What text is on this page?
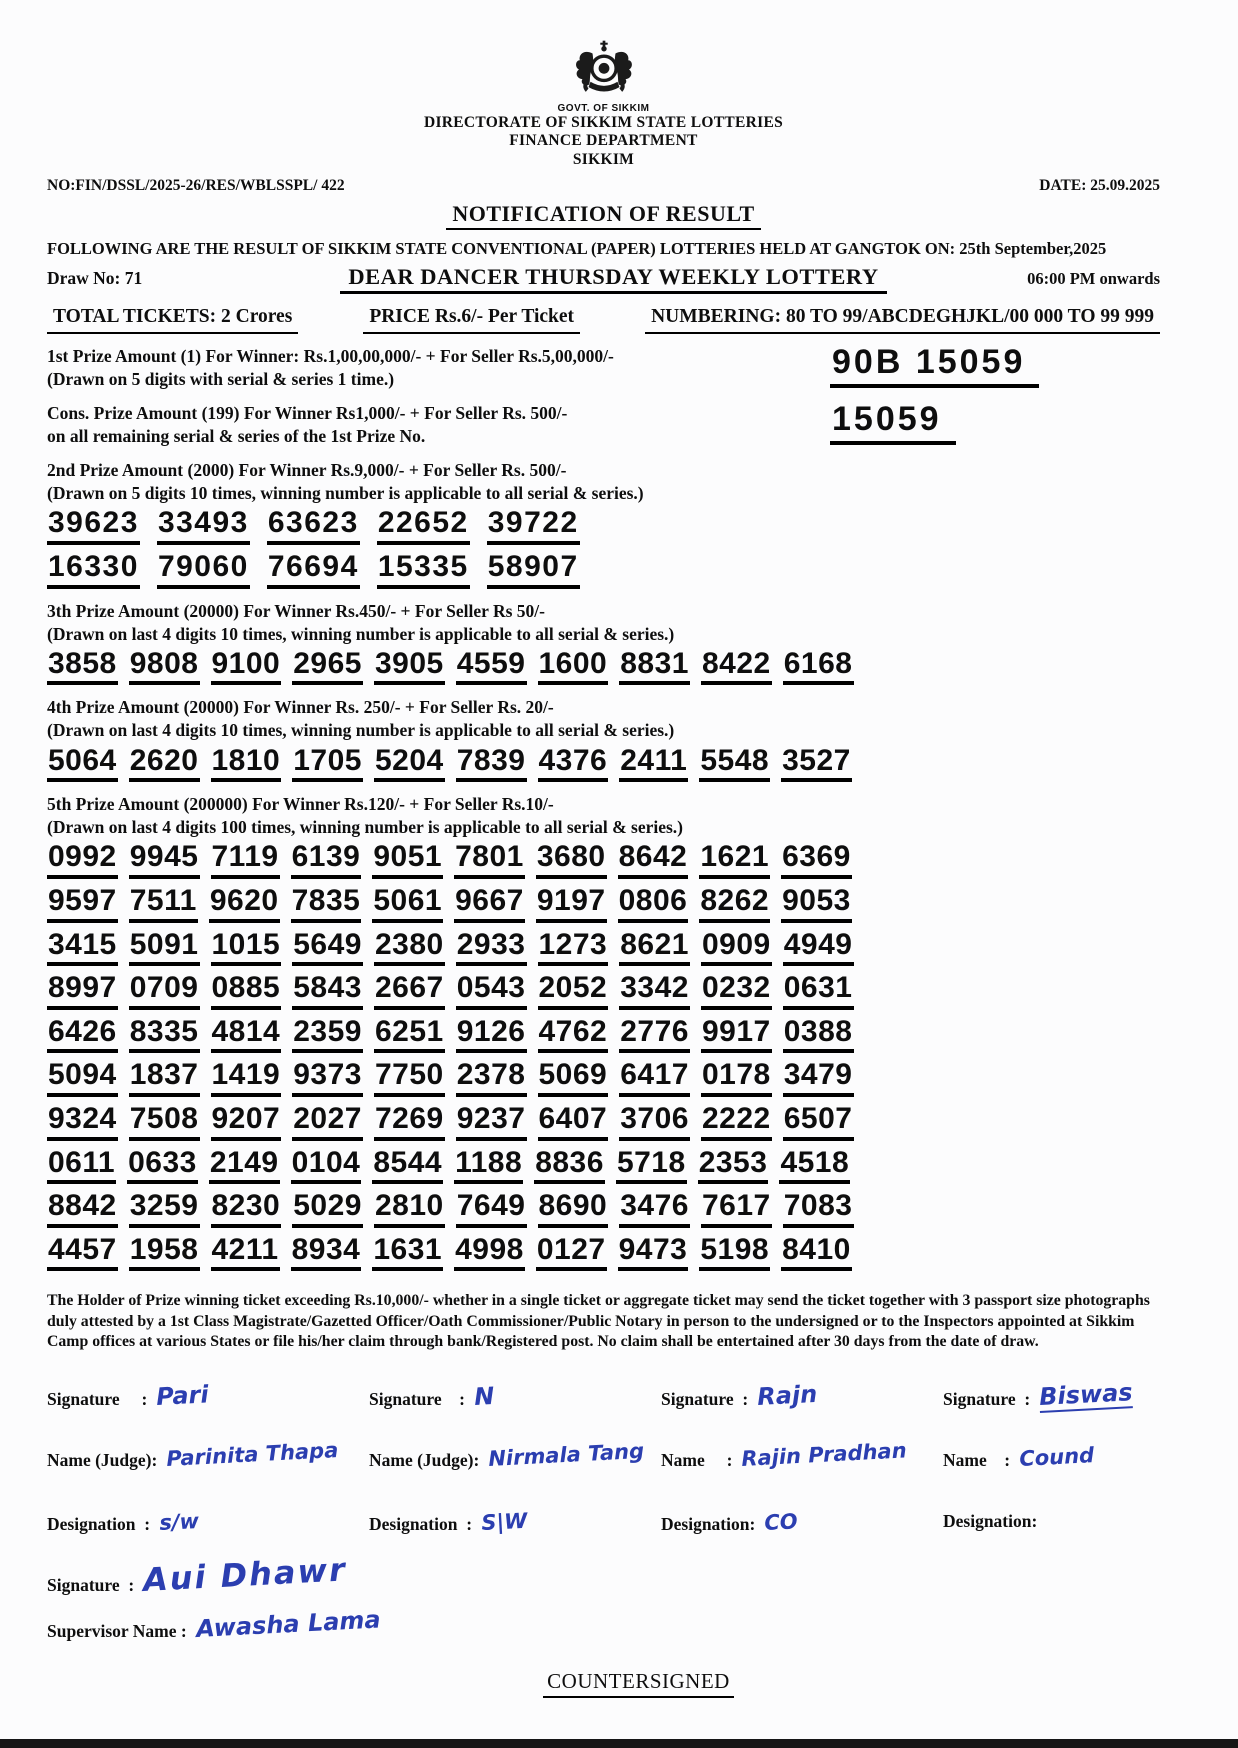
GOVT. OF SIKKIM
DIRECTORATE OF SIKKIM STATE LOTTERIES
FINANCE DEPARTMENT
SIKKIM
NO:FIN/DSSL/2025-26/RES/WBLSSPL/ 422	DATE: 25.09.2025
NOTIFICATION OF RESULT
FOLLOWING ARE THE RESULT OF SIKKIM STATE CONVENTIONAL (PAPER) LOTTERIES HELD AT GANGTOK ON: 25th September,2025
Draw No: 71	DEAR DANCER THURSDAY WEEKLY LOTTERY	06:00 PM onwards
TOTAL TICKETS: 2 Crores	PRICE Rs.6/- Per Ticket	NUMBERING: 80 TO 99/ABCDEGHJKL/00 000 TO 99 999
1st Prize Amount (1) For Winner: Rs.1,00,00,000/- + For Seller Rs.5,00,000/-
(Drawn on 5 digits with serial & series 1 time.)	90B 15059
Cons. Prize Amount (199) For Winner Rs1,000/- + For Seller Rs. 500/-
on all remaining serial & series of the 1st Prize No.	15059
2nd Prize Amount (2000) For Winner Rs.9,000/- + For Seller Rs. 500/-
(Drawn on 5 digits 10 times, winning number is applicable to all serial & series.)
39623 33493 63623 22652 39722
16330 79060 76694 15335 58907
3th Prize Amount (20000) For Winner Rs.450/- + For Seller Rs 50/-
(Drawn on last 4 digits 10 times, winning number is applicable to all serial & series.)
3858 9808 9100 2965 3905 4559 1600 8831 8422 6168
4th Prize Amount (20000) For Winner Rs. 250/- + For Seller Rs. 20/-
(Drawn on last 4 digits 10 times, winning number is applicable to all serial & series.)
5064 2620 1810 1705 5204 7839 4376 2411 5548 3527
5th Prize Amount (200000) For Winner Rs.120/- + For Seller Rs.10/-
(Drawn on last 4 digits 100 times, winning number is applicable to all serial & series.)
0992 9945 7119 6139 9051 7801 3680 8642 1621 6369
9597 7511 9620 7835 5061 9667 9197 0806 8262 9053
3415 5091 1015 5649 2380 2933 1273 8621 0909 4949
8997 0709 0885 5843 2667 0543 2052 3342 0232 0631
6426 8335 4814 2359 6251 9126 4762 2776 9917 0388
5094 1837 1419 9373 7750 2378 5069 6417 0178 3479
9324 7508 9207 2027 7269 9237 6407 3706 2222 6507
0611 0633 2149 0104 8544 1188 8836 5718 2353 4518
8842 3259 8230 5029 2810 7649 8690 3476 7617 7083
4457 1958 4211 8934 1631 4998 0127 9473 5198 8410
The Holder of Prize winning ticket exceeding Rs.10,000/- whether in a single ticket or aggregate ticket may send the ticket together with 3 passport size photographs duly attested by a 1st Class Magistrate/Gazetted Officer/Oath Commissioner/Public Notary in person to the undersigned or to the Inspectors appointed at Sikkim Camp offices at various States or file his/her claim through bank/Registered post. No claim shall be entertained after 30 days from the date of draw.
Signature     : Pari	Signature    : N	Signature  : Rajn	Signature  : Biswas
Name (Judge): Parinita Thapa Name (Judge): Nirmala Tang Name     : Rajin Pradhan Name    : Cound
Designation  : s/w	Designation  : S|W	Designation: CO	Designation:
Signature  : Aui Dhawr
Supervisor Name : Awasha Lama
COUNTERSIGNED
